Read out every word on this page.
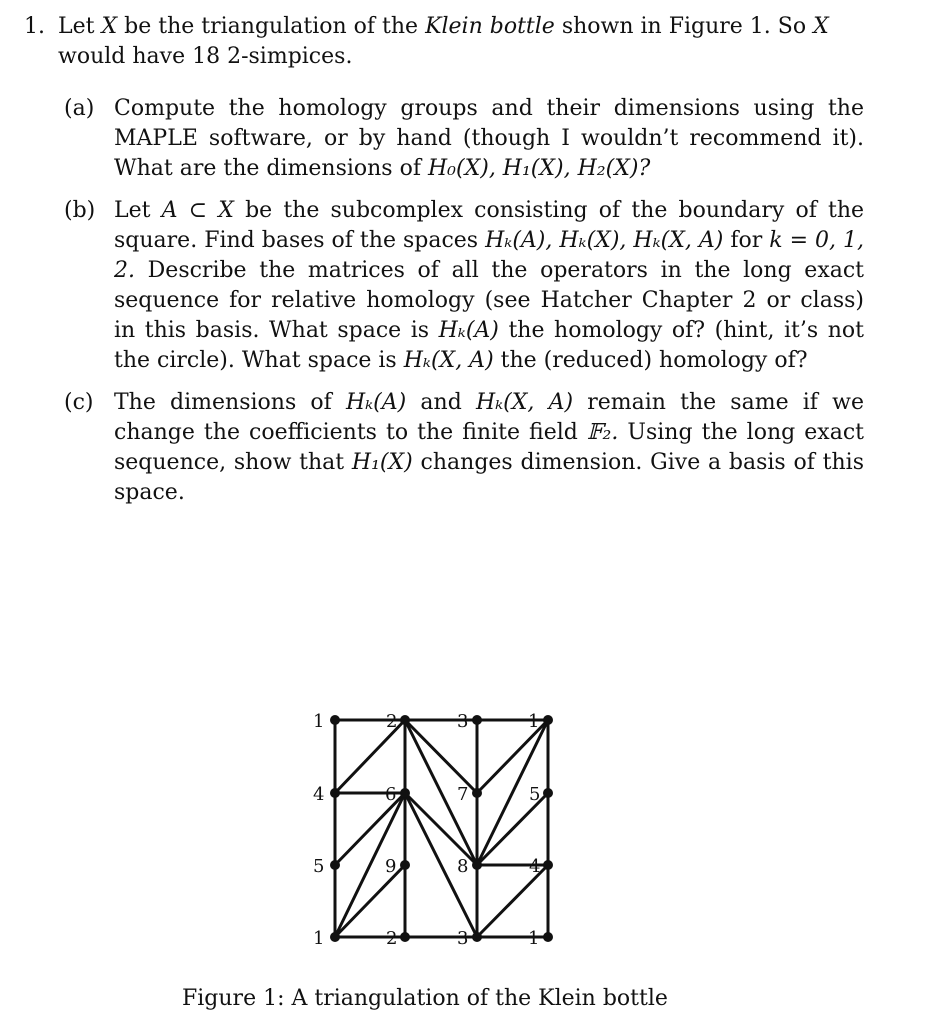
1. Let X be the triangulation of the Klein bottle shown in Figure 1. So X would have 18 2-simpices.
(a) Compute the homology groups and their dimensions using the MAPLE software, or by hand (though I wouldn’t recommend it). What are the dimensions of H₀(X), H₁(X), H₂(X)?
(b) Let A ⊂ X be the subcomplex consisting of the boundary of the square. Find bases of the spaces Hₖ(A), Hₖ(X), Hₖ(X, A) for k = 0, 1, 2. Describe the matrices of all the operators in the long exact sequence for relative homology (see Hatcher Chapter 2 or class) in this basis. What space is Hₖ(A) the homology of? (hint, it’s not the circle). What space is Hₖ(X, A) the (reduced) homology of?
(c) The dimensions of Hₖ(A) and Hₖ(X, A) remain the same if we change the coefficients to the finite field 𝔽₂. Using the long exact sequence, show that H₁(X) changes dimension. Give a basis of this space.
1	2	3	1
4	6	7	5
5	9	8	4
1	2	3	1
Figure 1: A triangulation of the Klein bottle
